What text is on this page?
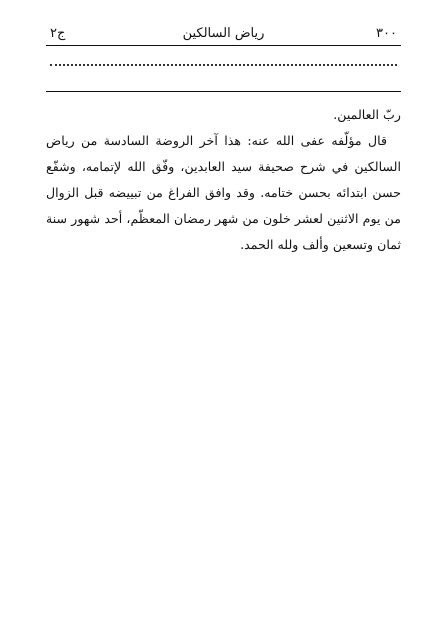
٣٠٠
رياض السالكين
ج٢

ربّ العالمين.

قال مؤلّفه عفى الله عنه: هذا آخر الروضة السادسة من رياض السالكين في شرح صحيفة سيد العابدين، وفّق الله لإتمامه، وشفّع حسن ابتدائه بحسن ختامه. وقد وافق الفراغ من تبييضه قبل الزوال من يوم الاثنين لعشر خلون من شهر رمضان المعظّم، أحد شهور سنة ثمان وتسعين وألف ولله الحمد.
